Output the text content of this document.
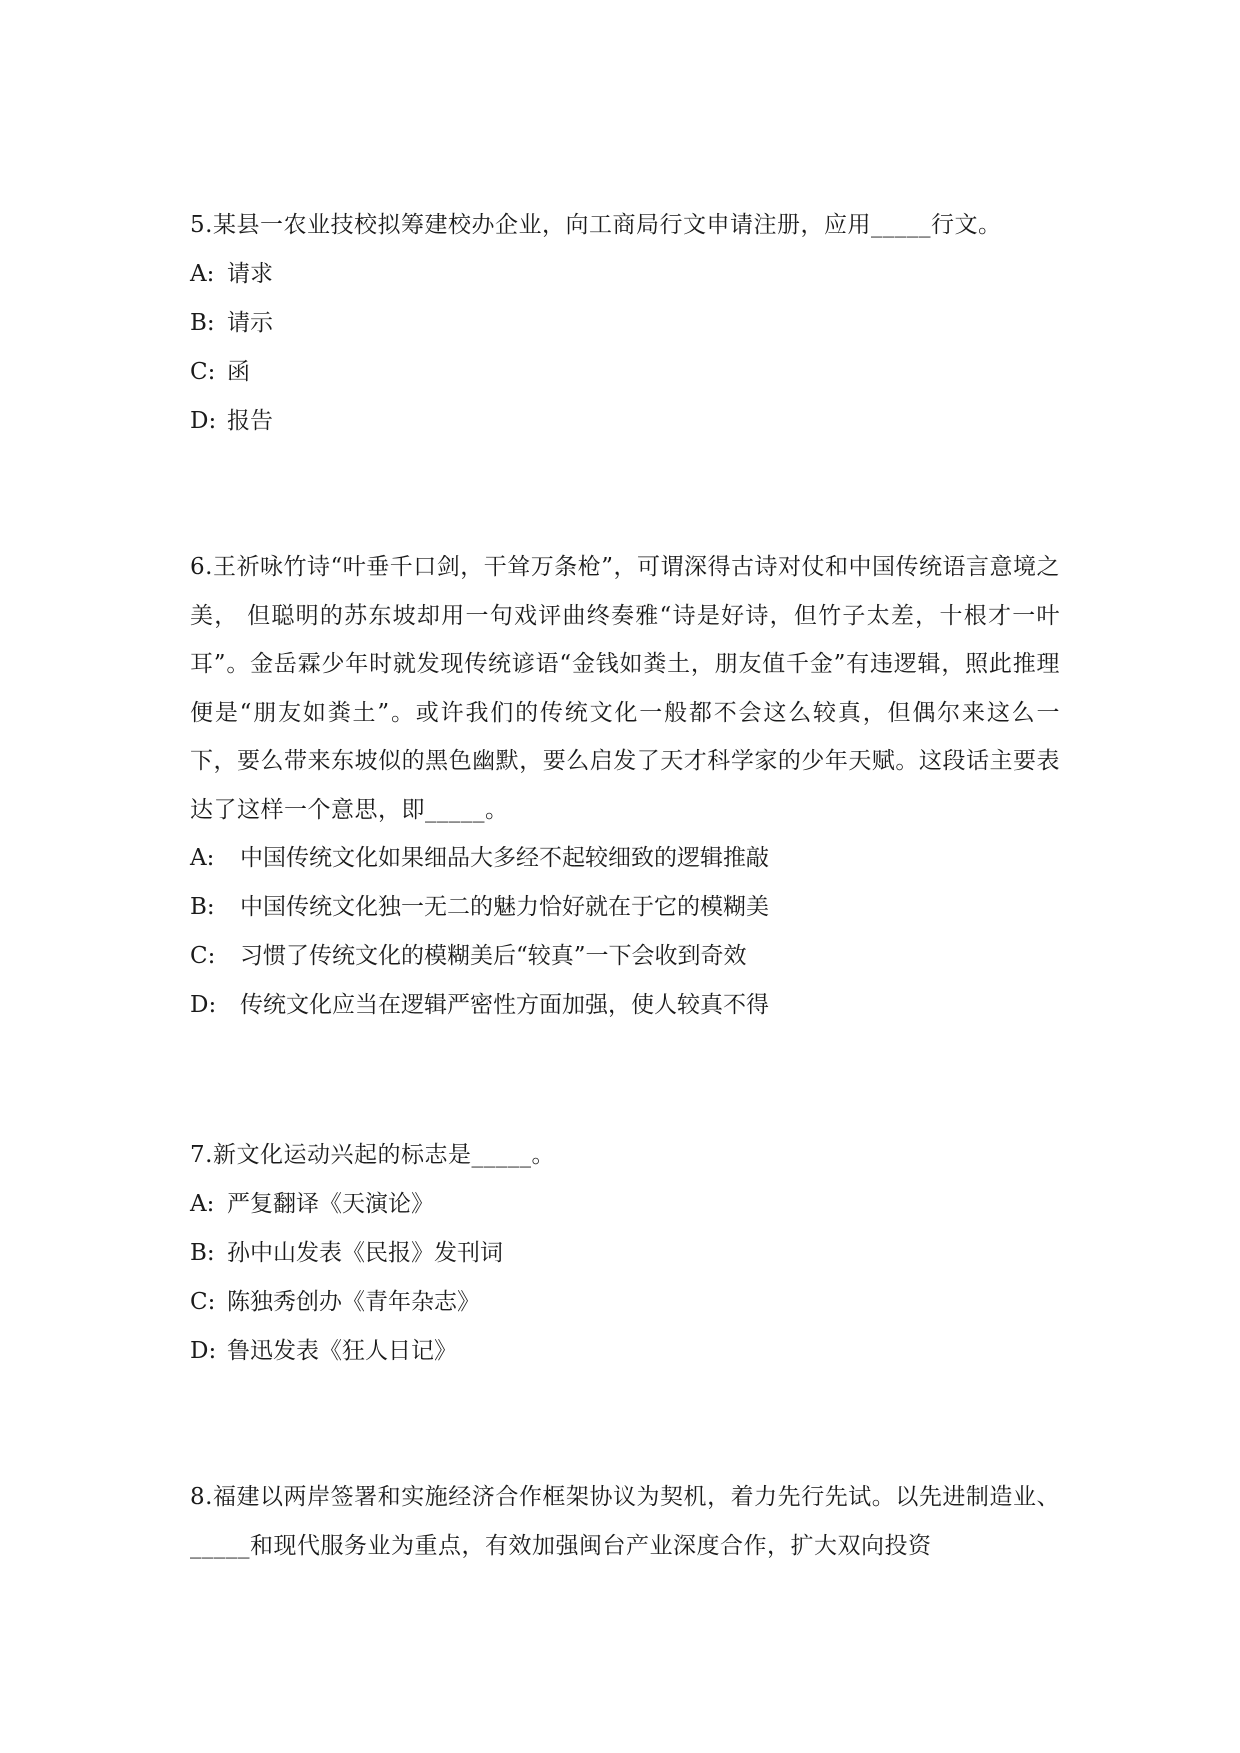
5.某县一农业技校拟筹建校办企业，向工商局行文申请注册，应用_____行文。

A: 请求

B: 请示

C: 函

D: 报告

6.王祈咏竹诗“叶垂千口剑，干耸万条枪”，可谓深得古诗对仗和中国传统语言意境之美， 但聪明的苏东坡却用一句戏评曲终奏雅“诗是好诗，但竹子太差，十根才一叶耳”。金岳霖少年时就发现传统谚语“金钱如粪土，朋友值千金”有违逻辑，照此推理便是“朋友如粪土”。或许我们的传统文化一般都不会这么较真，但偶尔来这么一下，要么带来东坡似的黑色幽默，要么启发了天才科学家的少年天赋。这段话主要表达了这样一个意思，即_____。

A: 中国传统文化如果细品大多经不起较细致的逻辑推敲

B: 中国传统文化独一无二的魅力恰好就在于它的模糊美

C: 习惯了传统文化的模糊美后“较真”一下会收到奇效

D: 传统文化应当在逻辑严密性方面加强，使人较真不得

7.新文化运动兴起的标志是_____。

A: 严复翻译《天演论》

B: 孙中山发表《民报》发刊词

C: 陈独秀创办《青年杂志》

D: 鲁迅发表《狂人日记》

8.福建以两岸签署和实施经济合作框架协议为契机，着力先行先试。以先进制造业、_____和现代服务业为重点，有效加强闽台产业深度合作，扩大双向投资
